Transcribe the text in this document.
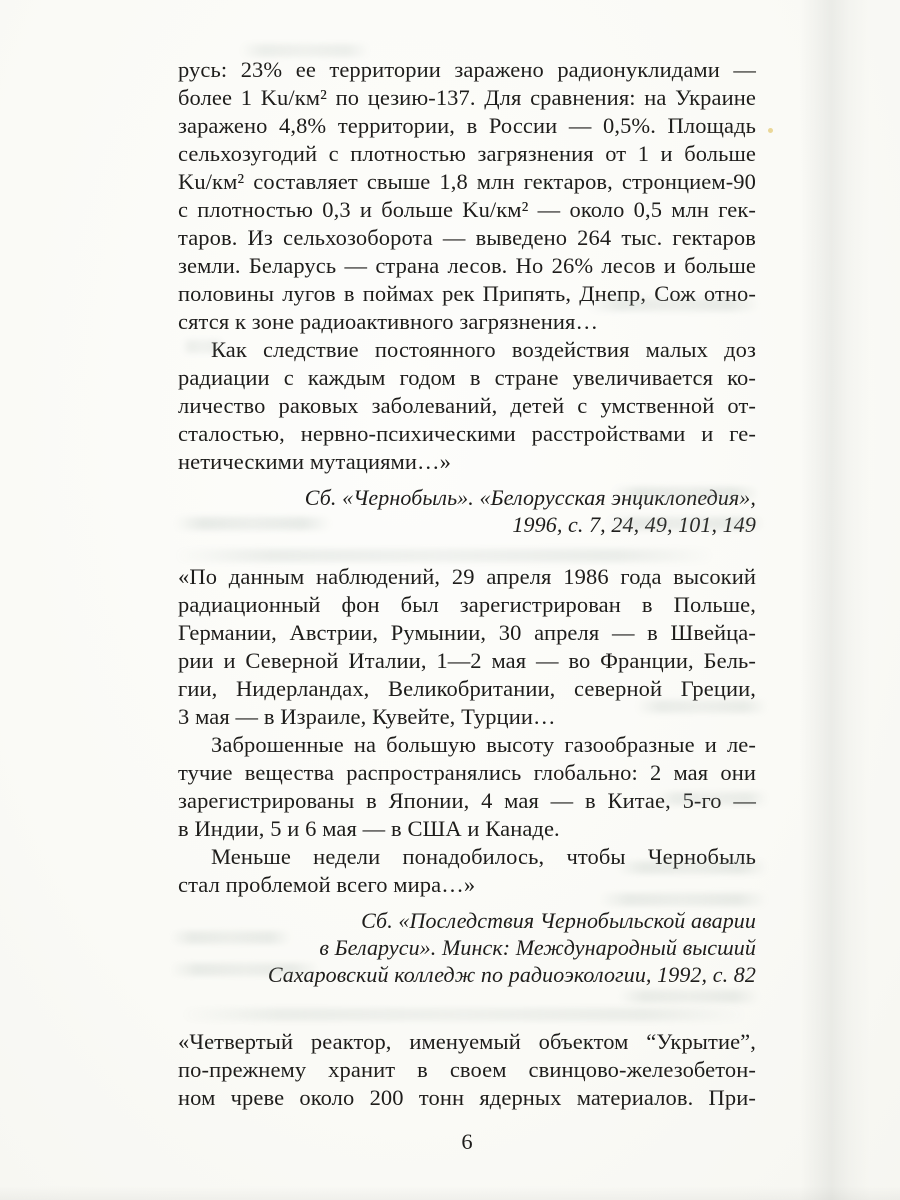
русь: 23% ее территории заражено радионуклидами —
более 1 Ku/км² по цезию-137. Для сравнения: на Украине
заражено 4,8% территории, в России — 0,5%. Площадь
сельхозугодий с плотностью загрязнения от 1 и больше
Ku/км² составляет свыше 1,8 млн гектаров, стронцием-90
с плотностью 0,3 и больше Ku/км² — около 0,5 млн гек-
таров. Из сельхозоборота — выведено 264 тыс. гектаров
земли. Беларусь — страна лесов. Но 26% лесов и больше
половины лугов в поймах рек Припять, Днепр, Сож отно-
сятся к зоне радиоактивного загрязнения…
Как следствие постоянного воздействия малых доз
радиации с каждым годом в стране увеличивается ко-
личество раковых заболеваний, детей с умственной от-
сталостью, нервно-психическими расстройствами и ге-
нетическими мутациями…»
Сб. «Чернобыль». «Белорусская энциклопедия»,
1996, с. 7, 24, 49, 101, 149
«По данным наблюдений, 29 апреля 1986 года высокий
радиационный фон был зарегистрирован в Польше,
Германии, Австрии, Румынии, 30 апреля — в Швейца-
рии и Северной Италии, 1—2 мая — во Франции, Бель-
гии, Нидерландах, Великобритании, северной Греции,
3 мая — в Израиле, Кувейте, Турции…
Заброшенные на большую высоту газообразные и ле-
тучие вещества распространялись глобально: 2 мая они
зарегистрированы в Японии, 4 мая — в Китае, 5-го —
в Индии, 5 и 6 мая — в США и Канаде.
Меньше недели понадобилось, чтобы Чернобыль
стал проблемой всего мира…»
Сб. «Последствия Чернобыльской аварии
в Беларуси». Минск: Международный высший
Сахаровский колледж по радиоэкологии, 1992, с. 82
«Четвертый реактор, именуемый объектом “Укрытие”,
по-прежнему хранит в своем свинцово-железобетон-
ном чреве около 200 тонн ядерных материалов. При-
6
